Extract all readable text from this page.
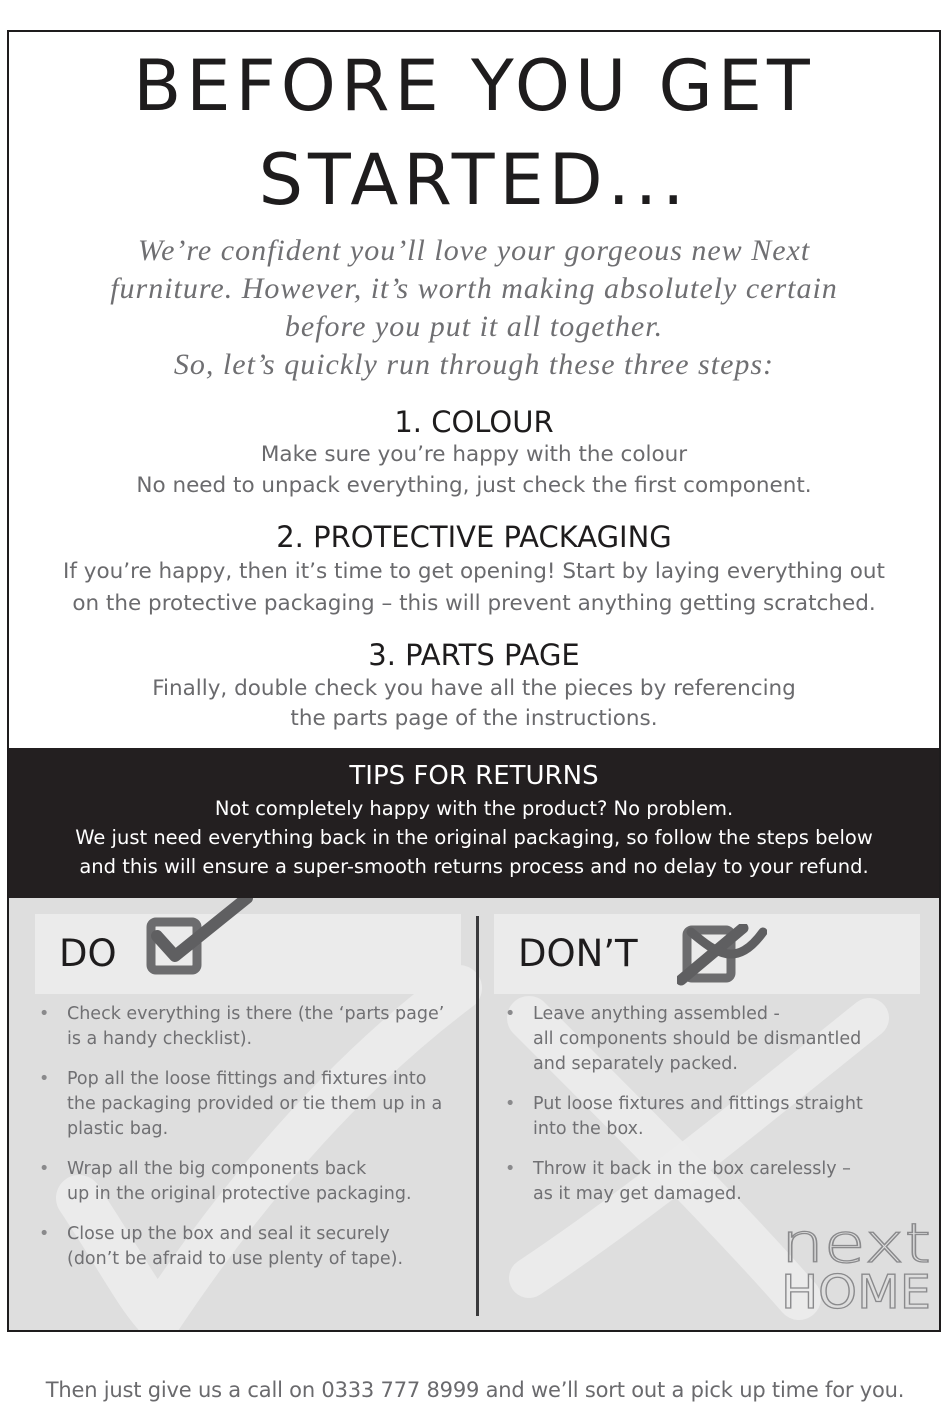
BEFORE YOU GET
STARTED...
We’re confident you’ll love your gorgeous new Next
furniture. However, it’s worth making absolutely certain
before you put it all together.
So, let’s quickly run through these three steps:
1. COLOUR
Make sure you’re happy with the colour
No need to unpack everything, just check the first component.
2. PROTECTIVE PACKAGING
If you’re happy, then it’s time to get opening! Start by laying everything out
on the protective packaging – this will prevent anything getting scratched.
3. PARTS PAGE
Finally, double check you have all the pieces by referencing
the parts page of the instructions.
TIPS FOR RETURNS
Not completely happy with the product? No problem.
We just need everything back in the original packaging, so follow the steps below
and this will ensure a super-smooth returns process and no delay to your refund.
DO	DON’T
• Check everything is there (the ‘parts page’
is a handy checklist).
• Pop all the loose fittings and fixtures into
the packaging provided or tie them up in a
plastic bag.
• Wrap all the big components back
up in the original protective packaging.
• Close up the box and seal it securely
(don’t be afraid to use plenty of tape).
• Leave anything assembled -
all components should be dismantled
and separately packed.
• Put loose fixtures and fittings straight
into the box.
• Throw it back in the box carelessly –
as it may get damaged.
next
HOME
Then just give us a call on 0333 777 8999 and we’ll sort out a pick up time for you.
